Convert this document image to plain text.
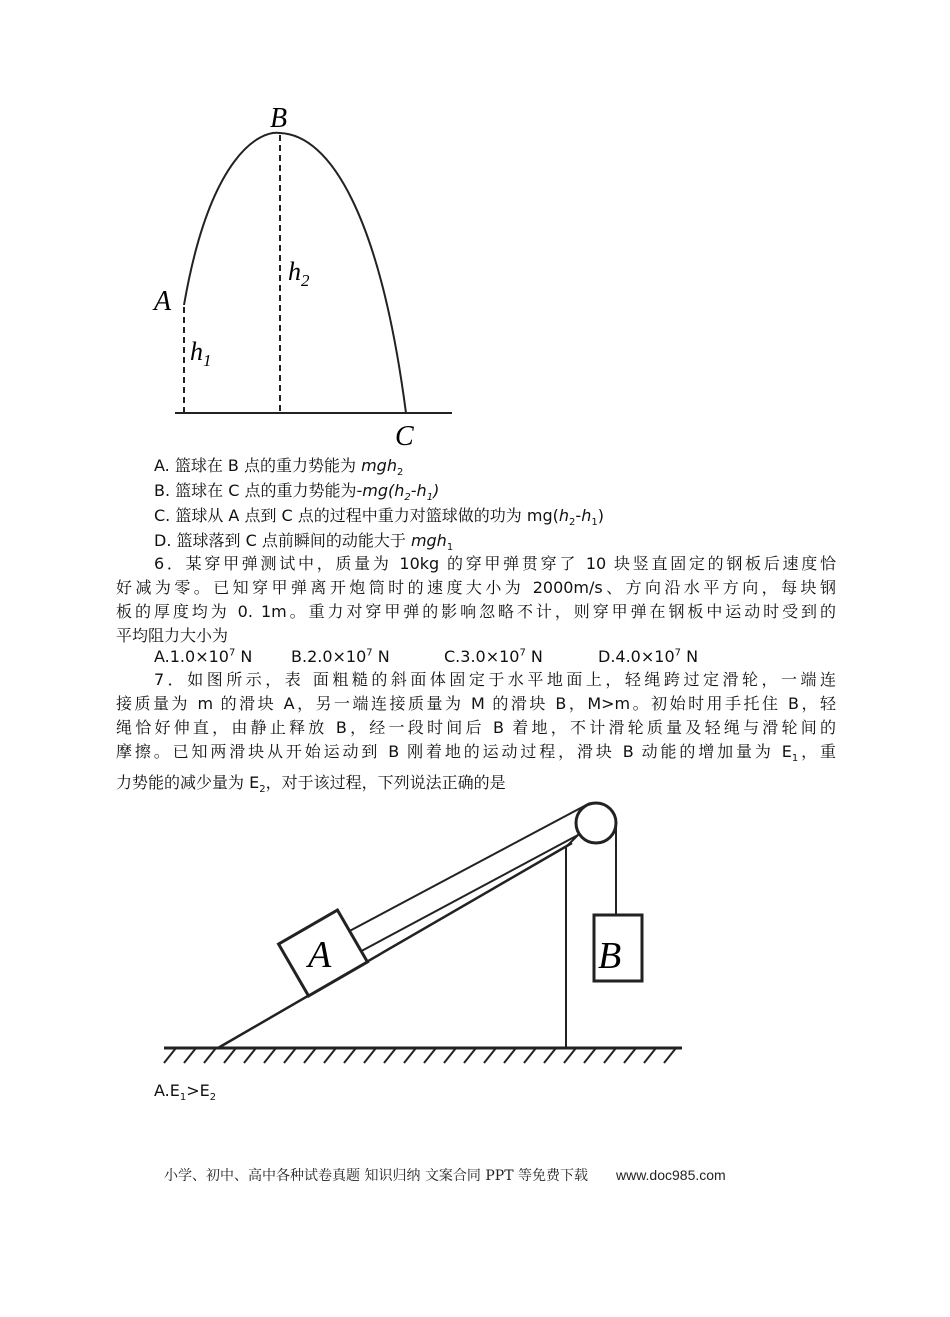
A
B
C
$h_1$
$h_2$
A. 篮球在 B 点的重力势能为 mgh$_2$
B. 篮球在 C 点的重力势能为$-mg(h_2-h_1)$
C. 篮球从 A 点到 C 点的过程中重力对篮球做的功为 $mg(h_2-h_1)$
D. 篮球落到 C 点前瞬间的动能大于 mgh$_1$
6．某穿甲弹测试中，质量为 10kg 的穿甲弹贯穿了 10 块竖直固定的钢板后速度恰
好减为零。已知穿甲弹离开炮筒时的速度大小为 2000m/s、方向沿水平方向，每块钢
板的厚度均为 0. 1m。重力对穿甲弹的影响忽略不计，则穿甲弹在钢板中运动时受到的
平均阻力大小为
$A.1.0\times 10^7$ N $B.2.0\times 10^7$ N	$C.3.0\times 10^7$ N	$D.4.0\times 10^7$ N
7．如图所示，表 面粗糙的斜面体固定于水平地面上，轻绳跨过定滑轮，一端连
接质量为 m 的滑块 A，另一端连接质量为 M 的滑块 B，M>m。初始时用手托住 B，轻
绳恰好伸直，由静止释放 B，经一段时间后 B 着地，不计滑轮质量及轻绳与滑轮间的
摩擦。已知两滑块从开始运动到 B 刚着地的运动过程，滑块 B 动能的增加量为 $E_1$，重
力势能的减少量为 $E_2$，对于该过程，下列说法正确的是
A	B
$A.E_1>E_2$
小学、初中、高中各种试卷真题 知识归纳 文案合同 PPT 等免费下载 www.doc985.com
